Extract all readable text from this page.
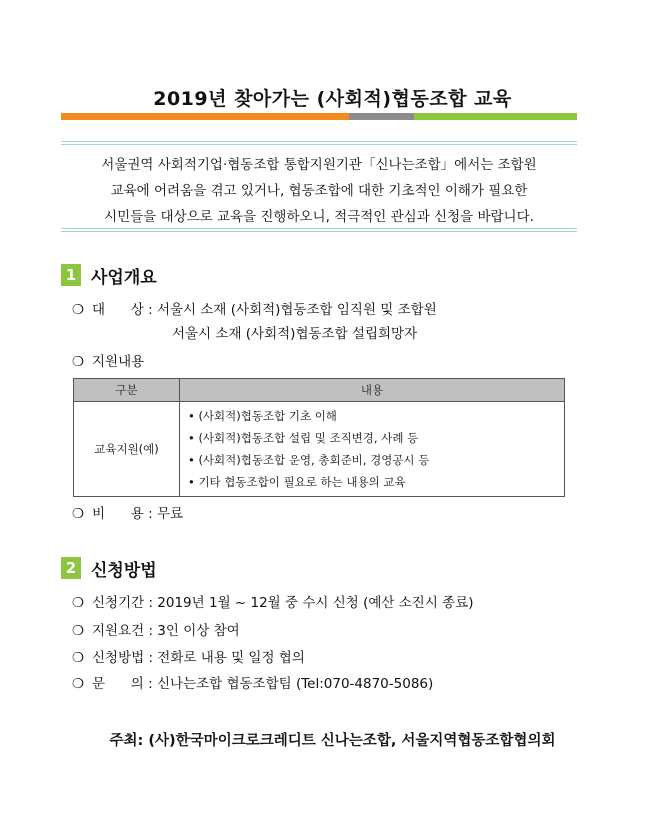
2019년 찾아가는 (사회적)협동조합 교육
서울권역 사회적기업·협동조합 통합지원기관「신나는조합」에서는 조합원
교육에 어려움을 겪고 있거나, 협동조합에 대한 기초적인 이해가 필요한
시민들을 대상으로 교육을 진행하오니, 적극적인 관심과 신청을 바랍니다.
1 사업개요
❍ 대      상 : 서울시 소재 (사회적)협동조합 임직원 및 조합원
서울시 소재 (사회적)협동조합 설립희망자
❍ 지원내용
구분	내용
교육지원(예)	• (사회적)협동조합 기초 이해
• (사회적)협동조합 설립 및 조직변경, 사례 등
• (사회적)협동조합 운영, 총회준비, 경영공시 등
• 기타 협동조합이 필요로 하는 내용의 교육
❍ 비      용 : 무료
2 신청방법
❍ 신청기간 : 2019년 1월 ~ 12월 중 수시 신청 (예산 소진시 종료)
❍ 지원요건 : 3인 이상 참여
❍ 신청방법 : 전화로 내용 및 일정 협의
❍ 문      의 : 신나는조합 협동조합팀 (Tel:070-4870-5086)
주최: (사)한국마이크로크레디트 신나는조합, 서울지역협동조합협의회
